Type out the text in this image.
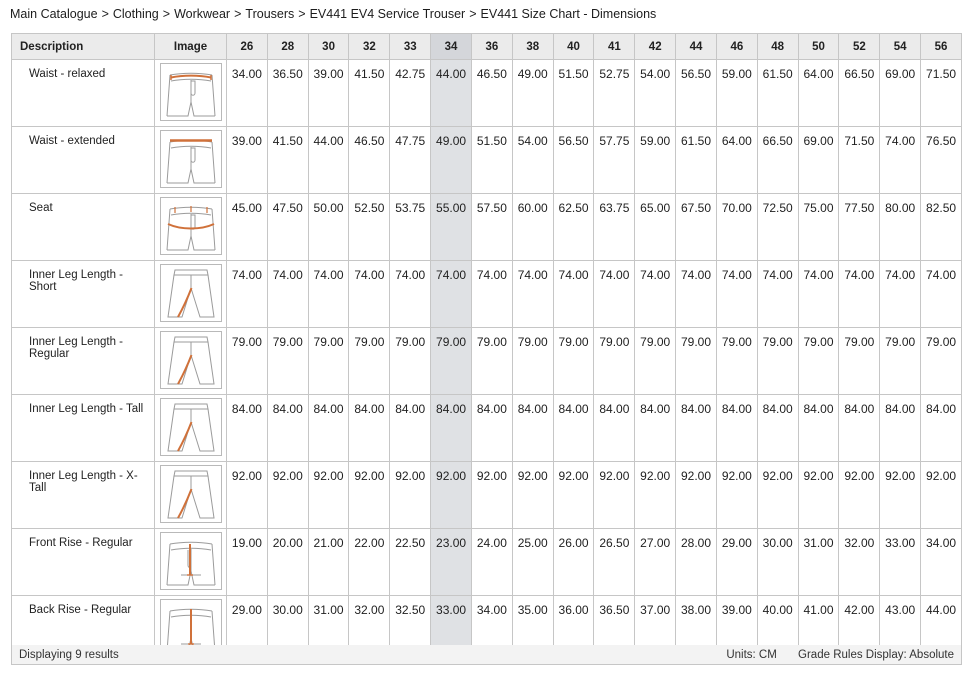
Main Catalogue > Clothing > Workwear > Trousers > EV441 EV4 Service Trouser > EV441 Size Chart - Dimensions
Description	Image	26	28	30	32	33	34	36	38	40	41	42	44	46	48	50	52	54	56
Waist - relaxed		34.00	36.50	39.00	41.50	42.75	44.00	46.50	49.00	51.50	52.75	54.00	56.50	59.00	61.50	64.00	66.50	69.00	71.50
Waist - extended		39.00	41.50	44.00	46.50	47.75	49.00	51.50	54.00	56.50	57.75	59.00	61.50	64.00	66.50	69.00	71.50	74.00	76.50
Seat		45.00	47.50	50.00	52.50	53.75	55.00	57.50	60.00	62.50	63.75	65.00	67.50	70.00	72.50	75.00	77.50	80.00	82.50
Inner Leg Length - Short		74.00	74.00	74.00	74.00	74.00	74.00	74.00	74.00	74.00	74.00	74.00	74.00	74.00	74.00	74.00	74.00	74.00	74.00
Inner Leg Length - Regular		79.00	79.00	79.00	79.00	79.00	79.00	79.00	79.00	79.00	79.00	79.00	79.00	79.00	79.00	79.00	79.00	79.00	79.00
Inner Leg Length - Tall		84.00	84.00	84.00	84.00	84.00	84.00	84.00	84.00	84.00	84.00	84.00	84.00	84.00	84.00	84.00	84.00	84.00	84.00
Inner Leg Length - X-Tall		92.00	92.00	92.00	92.00	92.00	92.00	92.00	92.00	92.00	92.00	92.00	92.00	92.00	92.00	92.00	92.00	92.00	92.00
Front Rise - Regular		19.00	20.00	21.00	22.00	22.50	23.00	24.00	25.00	26.00	26.50	27.00	28.00	29.00	30.00	31.00	32.00	33.00	34.00
Back Rise - Regular		29.00	30.00	31.00	32.00	32.50	33.00	34.00	35.00	36.00	36.50	37.00	38.00	39.00	40.00	41.00	42.00	43.00	44.00
Displaying 9 results	Units: CM Grade Rules Display: Absolute
